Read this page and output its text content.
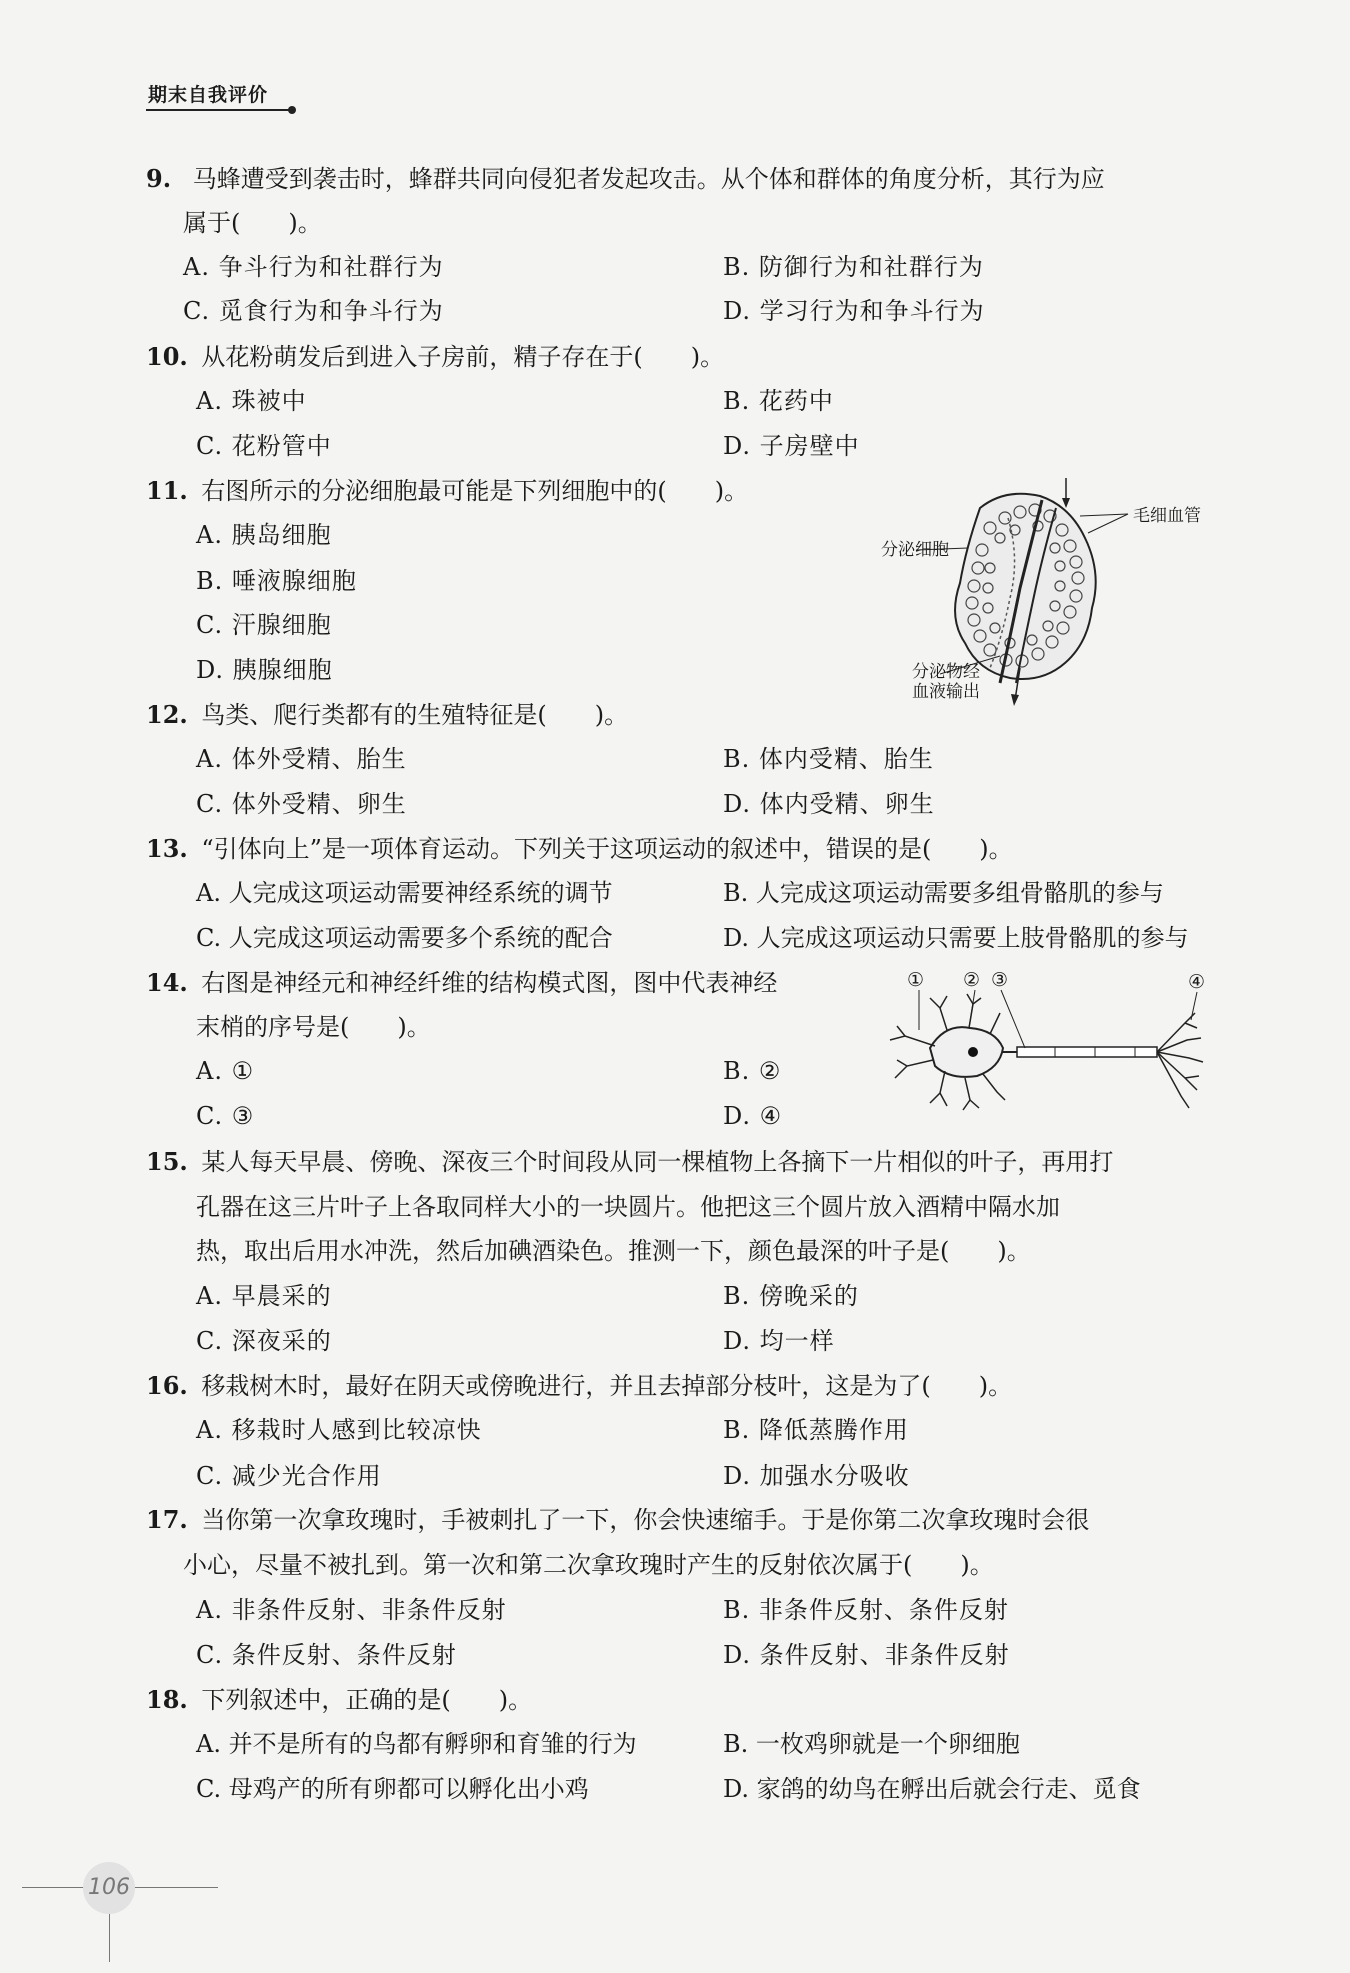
期末自我评价
9. 马蜂遭受到袭击时，蜂群共同向侵犯者发起攻击。从个体和群体的角度分析，其行为应
属于(　　)。
A. 争斗行为和社群行为	B. 防御行为和社群行为
C. 觅食行为和争斗行为	D. 学习行为和争斗行为
10. 从花粉萌发后到进入子房前，精子存在于(　　)。
A. 珠被中	B. 花药中
C. 花粉管中	D. 子房壁中
11. 右图所示的分泌细胞最可能是下列细胞中的(　　)。
A. 胰岛细胞
B. 唾液腺细胞
C. 汗腺细胞
D. 胰腺细胞
毛细血管
分泌细胞
分泌物经
血液输出
12. 鸟类、爬行类都有的生殖特征是(　　)。
A. 体外受精、胎生	B. 体内受精、胎生
C. 体外受精、卵生	D. 体内受精、卵生
13. “引体向上”是一项体育运动。下列关于这项运动的叙述中，错误的是(　　)。
A. 人完成这项运动需要神经系统的调节	B. 人完成这项运动需要多组骨骼肌的参与
C. 人完成这项运动需要多个系统的配合	D. 人完成这项运动只需要上肢骨骼肌的参与
14. 右图是神经元和神经纤维的结构模式图，图中代表神经
末梢的序号是(　　)。
A. ①	B. ②
C. ③	D. ④
① ② ③	④
15. 某人每天早晨、傍晚、深夜三个时间段从同一棵植物上各摘下一片相似的叶子，再用打
孔器在这三片叶子上各取同样大小的一块圆片。他把这三个圆片放入酒精中隔水加
热，取出后用水冲洗，然后加碘酒染色。推测一下，颜色最深的叶子是(　　)。
A. 早晨采的	B. 傍晚采的
C. 深夜采的	D. 均一样
16. 移栽树木时，最好在阴天或傍晚进行，并且去掉部分枝叶，这是为了(　　)。
A. 移栽时人感到比较凉快	B. 降低蒸腾作用
C. 减少光合作用	D. 加强水分吸收
17. 当你第一次拿玫瑰时，手被刺扎了一下，你会快速缩手。于是你第二次拿玫瑰时会很
小心，尽量不被扎到。第一次和第二次拿玫瑰时产生的反射依次属于(　　)。
A. 非条件反射、非条件反射	B. 非条件反射、条件反射
C. 条件反射、条件反射	D. 条件反射、非条件反射
18. 下列叙述中，正确的是(　　)。
A. 并不是所有的鸟都有孵卵和育雏的行为	B. 一枚鸡卵就是一个卵细胞
C. 母鸡产的所有卵都可以孵化出小鸡	D. 家鸽的幼鸟在孵出后就会行走、觅食
106
